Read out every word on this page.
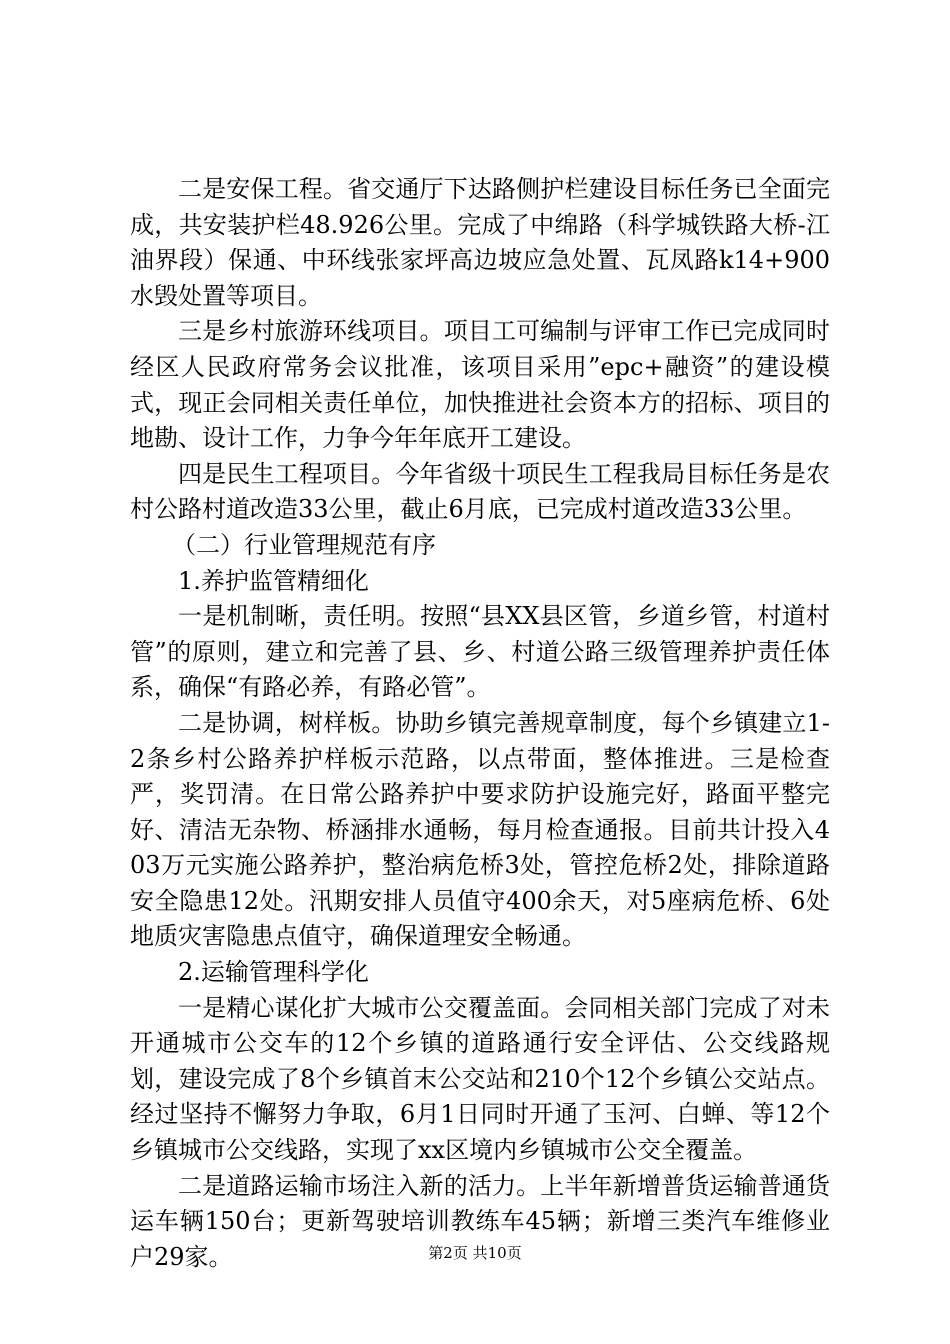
二是安保工程。省交通厅下达路侧护栏建设目标任务已全面完成，共安装护栏48.926公里。完成了中绵路（科学城铁路大桥-江油界段）保通、中环线张家坪高边坡应急处置、瓦凤路k14+900水毁处置等项目。

三是乡村旅游环线项目。项目工可编制与评审工作已完成同时经区人民政府常务会议批准，该项目采用”epc+融资”的建设模式，现正会同相关责任单位，加快推进社会资本方的招标、项目的地勘、设计工作，力争今年年底开工建设。

四是民生工程项目。今年省级十项民生工程我局目标任务是农村公路村道改造33公里，截止6月底，已完成村道改造33公里。

（二）行业管理规范有序

1.养护监管精细化

一是机制晰，责任明。按照“县XX县区管，乡道乡管，村道村管”的原则，建立和完善了县、乡、村道公路三级管理养护责任体系，确保“有路必养，有路必管”。

二是协调，树样板。协助乡镇完善规章制度，每个乡镇建立1-2条乡村公路养护样板示范路，以点带面，整体推进。三是检查严，奖罚清。在日常公路养护中要求防护设施完好，路面平整完好、清洁无杂物、桥涵排水通畅，每月检查通报。目前共计投入403万元实施公路养护，整治病危桥3处，管控危桥2处，排除道路安全隐患12处。汛期安排人员值守400余天，对5座病危桥、6处地质灾害隐患点值守，确保道理安全畅通。

2.运输管理科学化

一是精心谋化扩大城市公交覆盖面。会同相关部门完成了对未开通城市公交车的12个乡镇的道路通行安全评估、公交线路规划，建设完成了8个乡镇首末公交站和210个12个乡镇公交站点。经过坚持不懈努力争取，6月1日同时开通了玉河、白蝉、等12个乡镇城市公交线路，实现了xx区境内乡镇城市公交全覆盖。

二是道路运输市场注入新的活力。上半年新增普货运输普通货运车辆150台；更新驾驶培训教练车45辆；新增三类汽车维修业户29家。	第2页 共10页
